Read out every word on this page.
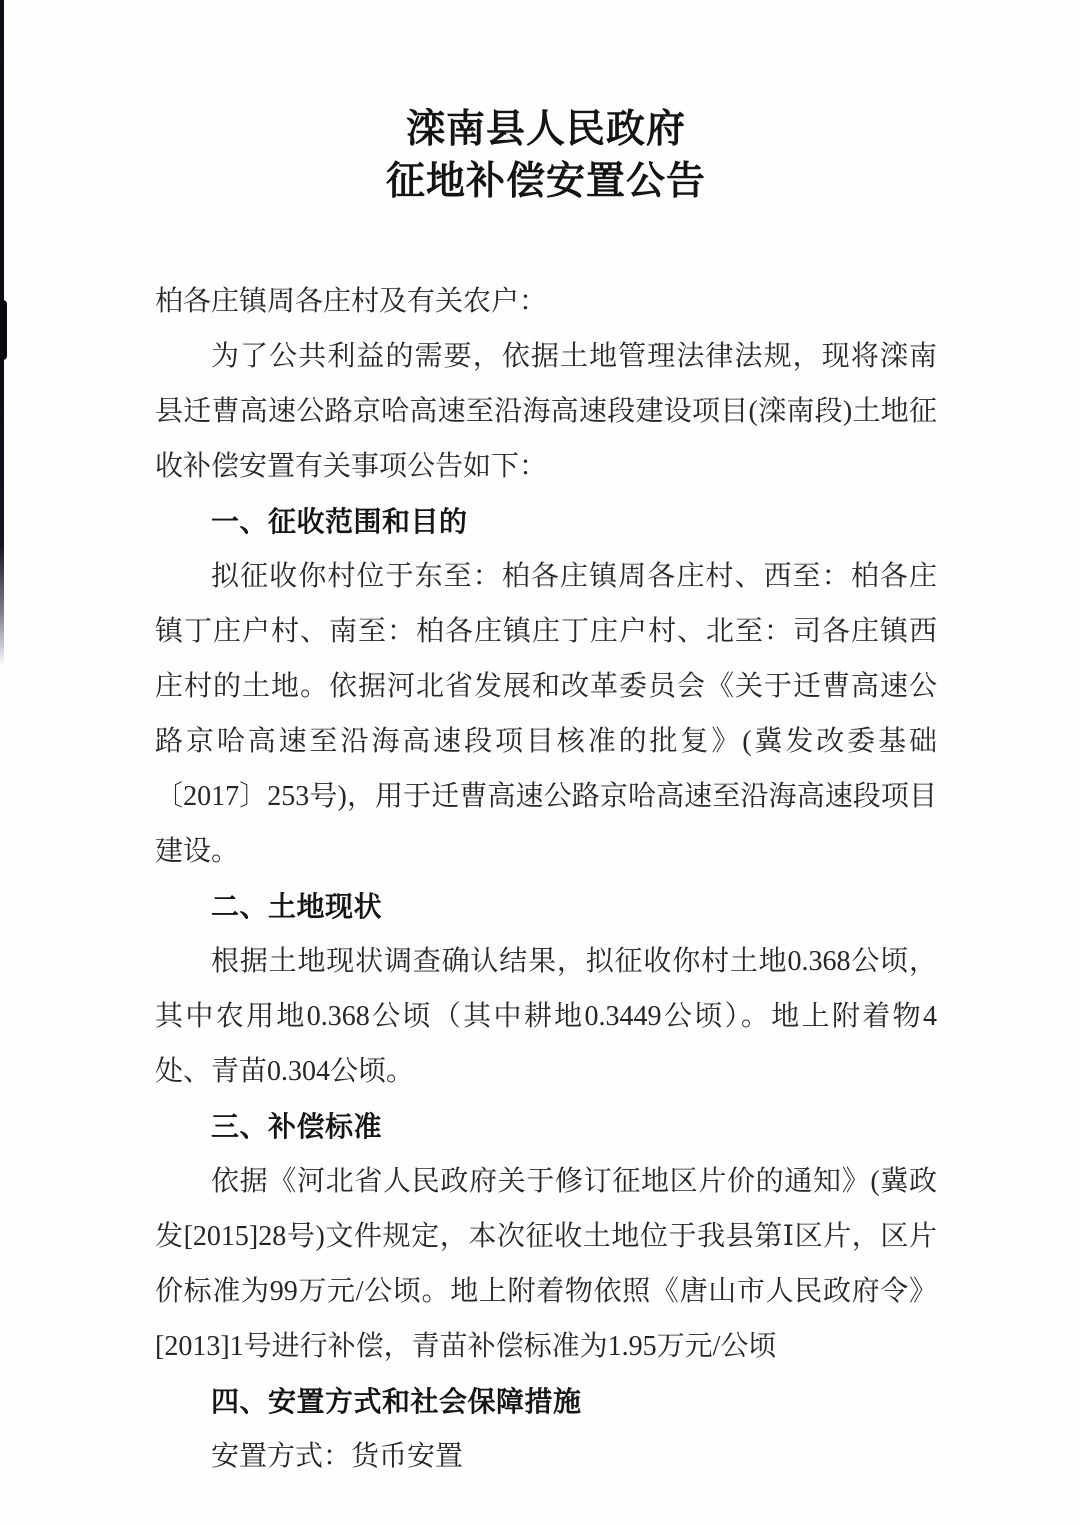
滦南县人民政府
征地补偿安置公告

柏各庄镇周各庄村及有关农户：

为了公共利益的需要，依据土地管理法律法规，现将滦南县迁曹高速公路京哈高速至沿海高速段建设项目(滦南段)土地征收补偿安置有关事项公告如下：

一、征收范围和目的

拟征收你村位于东至：柏各庄镇周各庄村、西至：柏各庄镇丁庄户村、南至：柏各庄镇庄丁庄户村、北至：司各庄镇西庄村的土地。依据河北省发展和改革委员会《关于迁曹高速公路京哈高速至沿海高速段项目核准的批复》(冀发改委基础〔2017〕253号)，用于迁曹高速公路京哈高速至沿海高速段项目建设。

二、土地现状

根据土地现状调查确认结果，拟征收你村土地0.368公顷，其中农用地0.368公顷（其中耕地0.3449公顷）。地上附着物4处、青苗0.304公顷。

三、补偿标准

依据《河北省人民政府关于修订征地区片价的通知》(冀政发[2015]28号)文件规定，本次征收土地位于我县第Ⅰ区片，区片价标准为99万元/公顷。地上附着物依照《唐山市人民政府令》[2013]1号进行补偿，青苗补偿标准为1.95万元/公顷

四、安置方式和社会保障措施

安置方式：货币安置
